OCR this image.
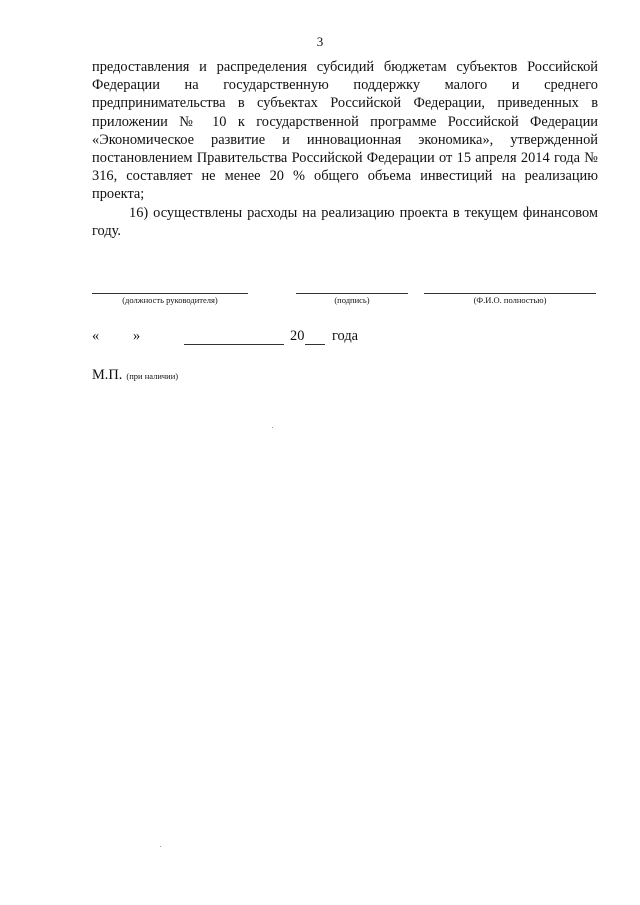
3

предоставления и распределения субсидий бюджетам субъектов Российской Федерации на государственную поддержку малого и среднего предпринимательства в субъектах Российской Федерации, приведенных в приложении № 10 к государственной программе Российской Федерации «Экономическое развитие и инновационная экономика», утвержденной постановлением Правительства Российской Федерации от 15 апреля 2014 года № 316, составляет не менее 20 % общего объема инвестиций на реализацию проекта;

16) осуществлены расходы на реализацию проекта в текущем финансовом году.

(должность руководителя)	(подпись)	(Ф.И.О. полностью)
« »	20 года
М.П. (при наличии)
